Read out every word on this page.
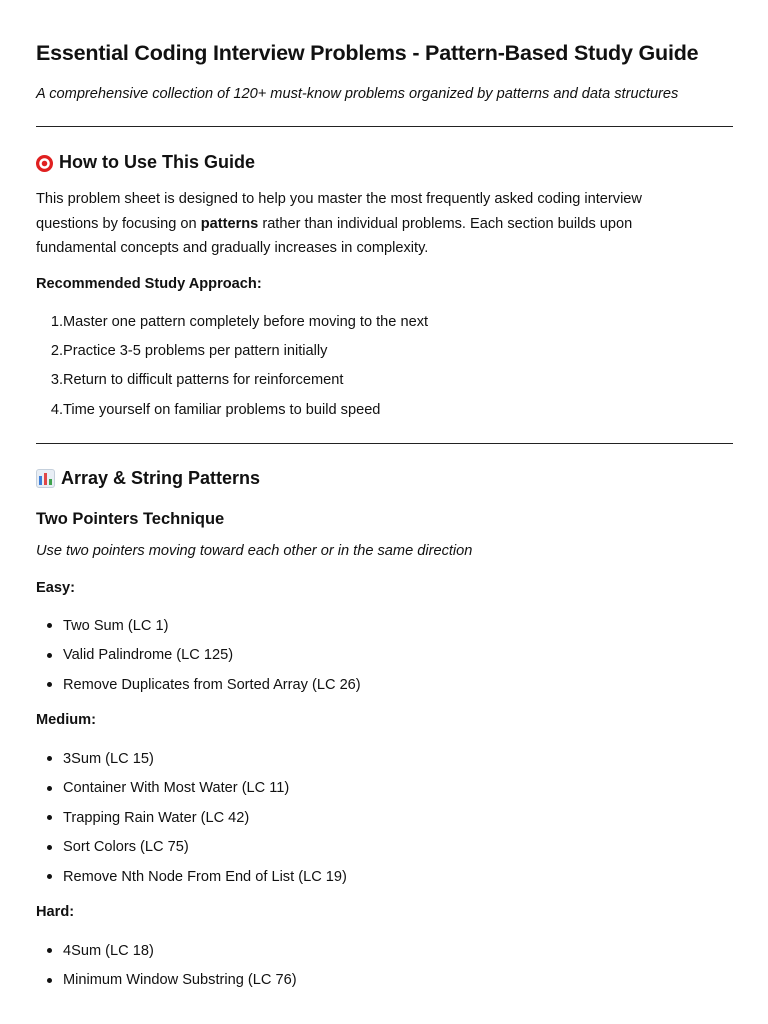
Essential Coding Interview Problems - Pattern-Based Study Guide

A comprehensive collection of 120+ must-know problems organized by patterns and data structures

How to Use This Guide

This problem sheet is designed to help you master the most frequently asked coding interview questions by focusing on patterns rather than individual problems. Each section builds upon fundamental concepts and gradually increases in complexity.

Recommended Study Approach:

1. Master one pattern completely before moving to the next
2. Practice 3-5 problems per pattern initially
3. Return to difficult patterns for reinforcement
4. Time yourself on familiar problems to build speed
Array & String Patterns
Two Pointers Technique

Use two pointers moving toward each other or in the same direction

Easy:

Two Sum (LC 1)
Valid Palindrome (LC 125)
Remove Duplicates from Sorted Array (LC 26)

Medium:

3Sum (LC 15)
Container With Most Water (LC 11)
Trapping Rain Water (LC 42)
Sort Colors (LC 75)
Remove Nth Node From End of List (LC 19)

Hard:

4Sum (LC 18)
Minimum Window Substring (LC 76)
